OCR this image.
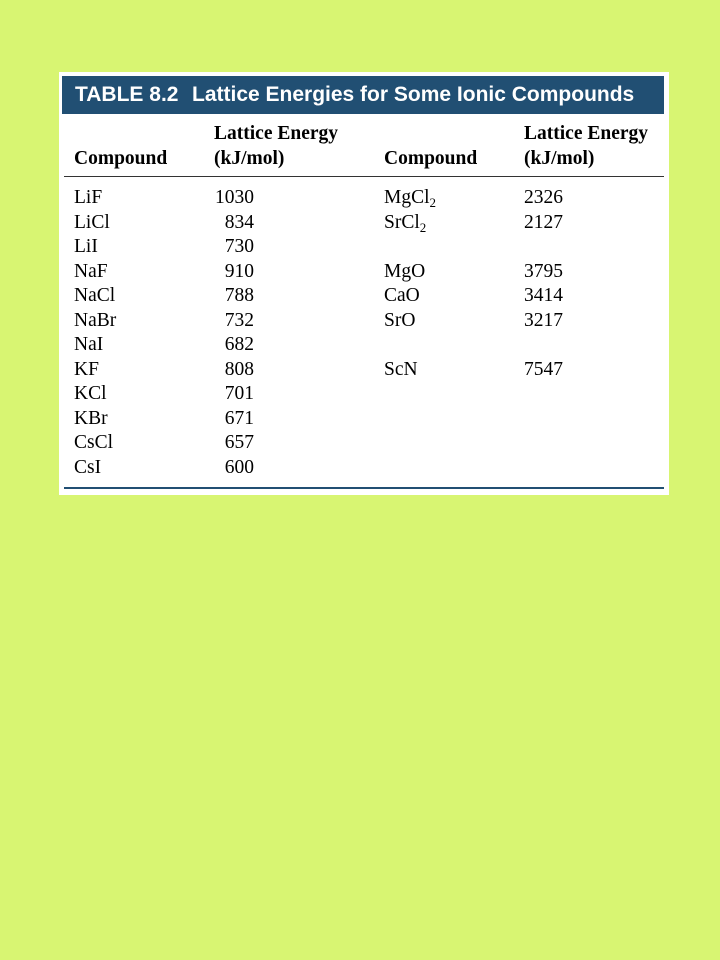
TABLE 8.2 Lattice Energies for Some Ionic Compounds
Compound
Lattice Energy
(kJ/mol)	Compound
Lattice Energy
(kJ/mol)
LiF
LiCl
LiI
NaF
NaCl
NaBr
NaI
KF
KCl
KBr
CsCl
CsI
1030
834
730
910
788
732
682
808
701
671
657
600
MgCl$_2$
SrCl$_2$
MgO
CaO
SrO
ScN
2326
2127
3795
3414
3217
7547
